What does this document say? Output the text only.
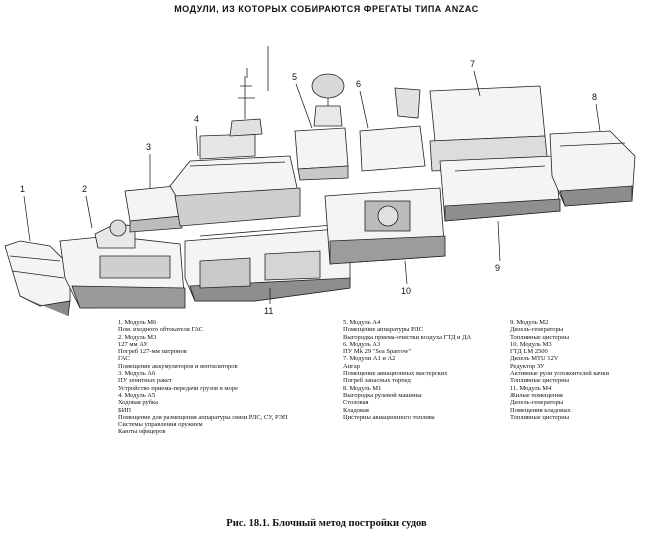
МОДУЛИ, ИЗ КОТОРЫХ СОБИРАЮТСЯ ФРЕГАТЫ ТИПА ANZAC
1	2
3
4
5
6
7
8
9
10
11
1. Модуль М6
Пом. входного обтекателя ГАС
2. Модуль М3
127 мм АУ
Погреб 127-мм патронов
ГАС
Помещение аккумуляторов и вентиляторов
3. Модуль А6
ПУ зенитных ракет
Устройство приема-передачи грузов в море
4. Модуль А5
Ходовая рубка
БИП
Помещение для размещения аппаратуры связи РЛС, СУ, РЭП
Системы управления оружием
Каюты офицеров
5. Модуль А4
Помещение аппаратуры РЛС
Выгородка приема-очистки воздуха ГТД и ДА
6. Модуль А3
ПУ Mk 29 "Sea Sparrow"
7. Модули А1 и А2
Ангар
Помещение авиационных мастерских
Погреб запасных торпед
8. Модуль М1
Выгородка рулевой машины
Столовая
Кладовая
Цистерны авиационного топлива
9. Модуль М2
Дизель-генераторы
Топливные цистерны
10. Модуль М3
ГТД LM 2500
Дизель MTU 12V
Редуктор ЗУ
Активные рули успокоителей качки
Топливные цистерны
11. Модуль М4
Жилые помещения
Дизель-генераторы
Помещения кладовых
Топливные цистерны
Рис. 18.1. Блочный метод постройки судов
